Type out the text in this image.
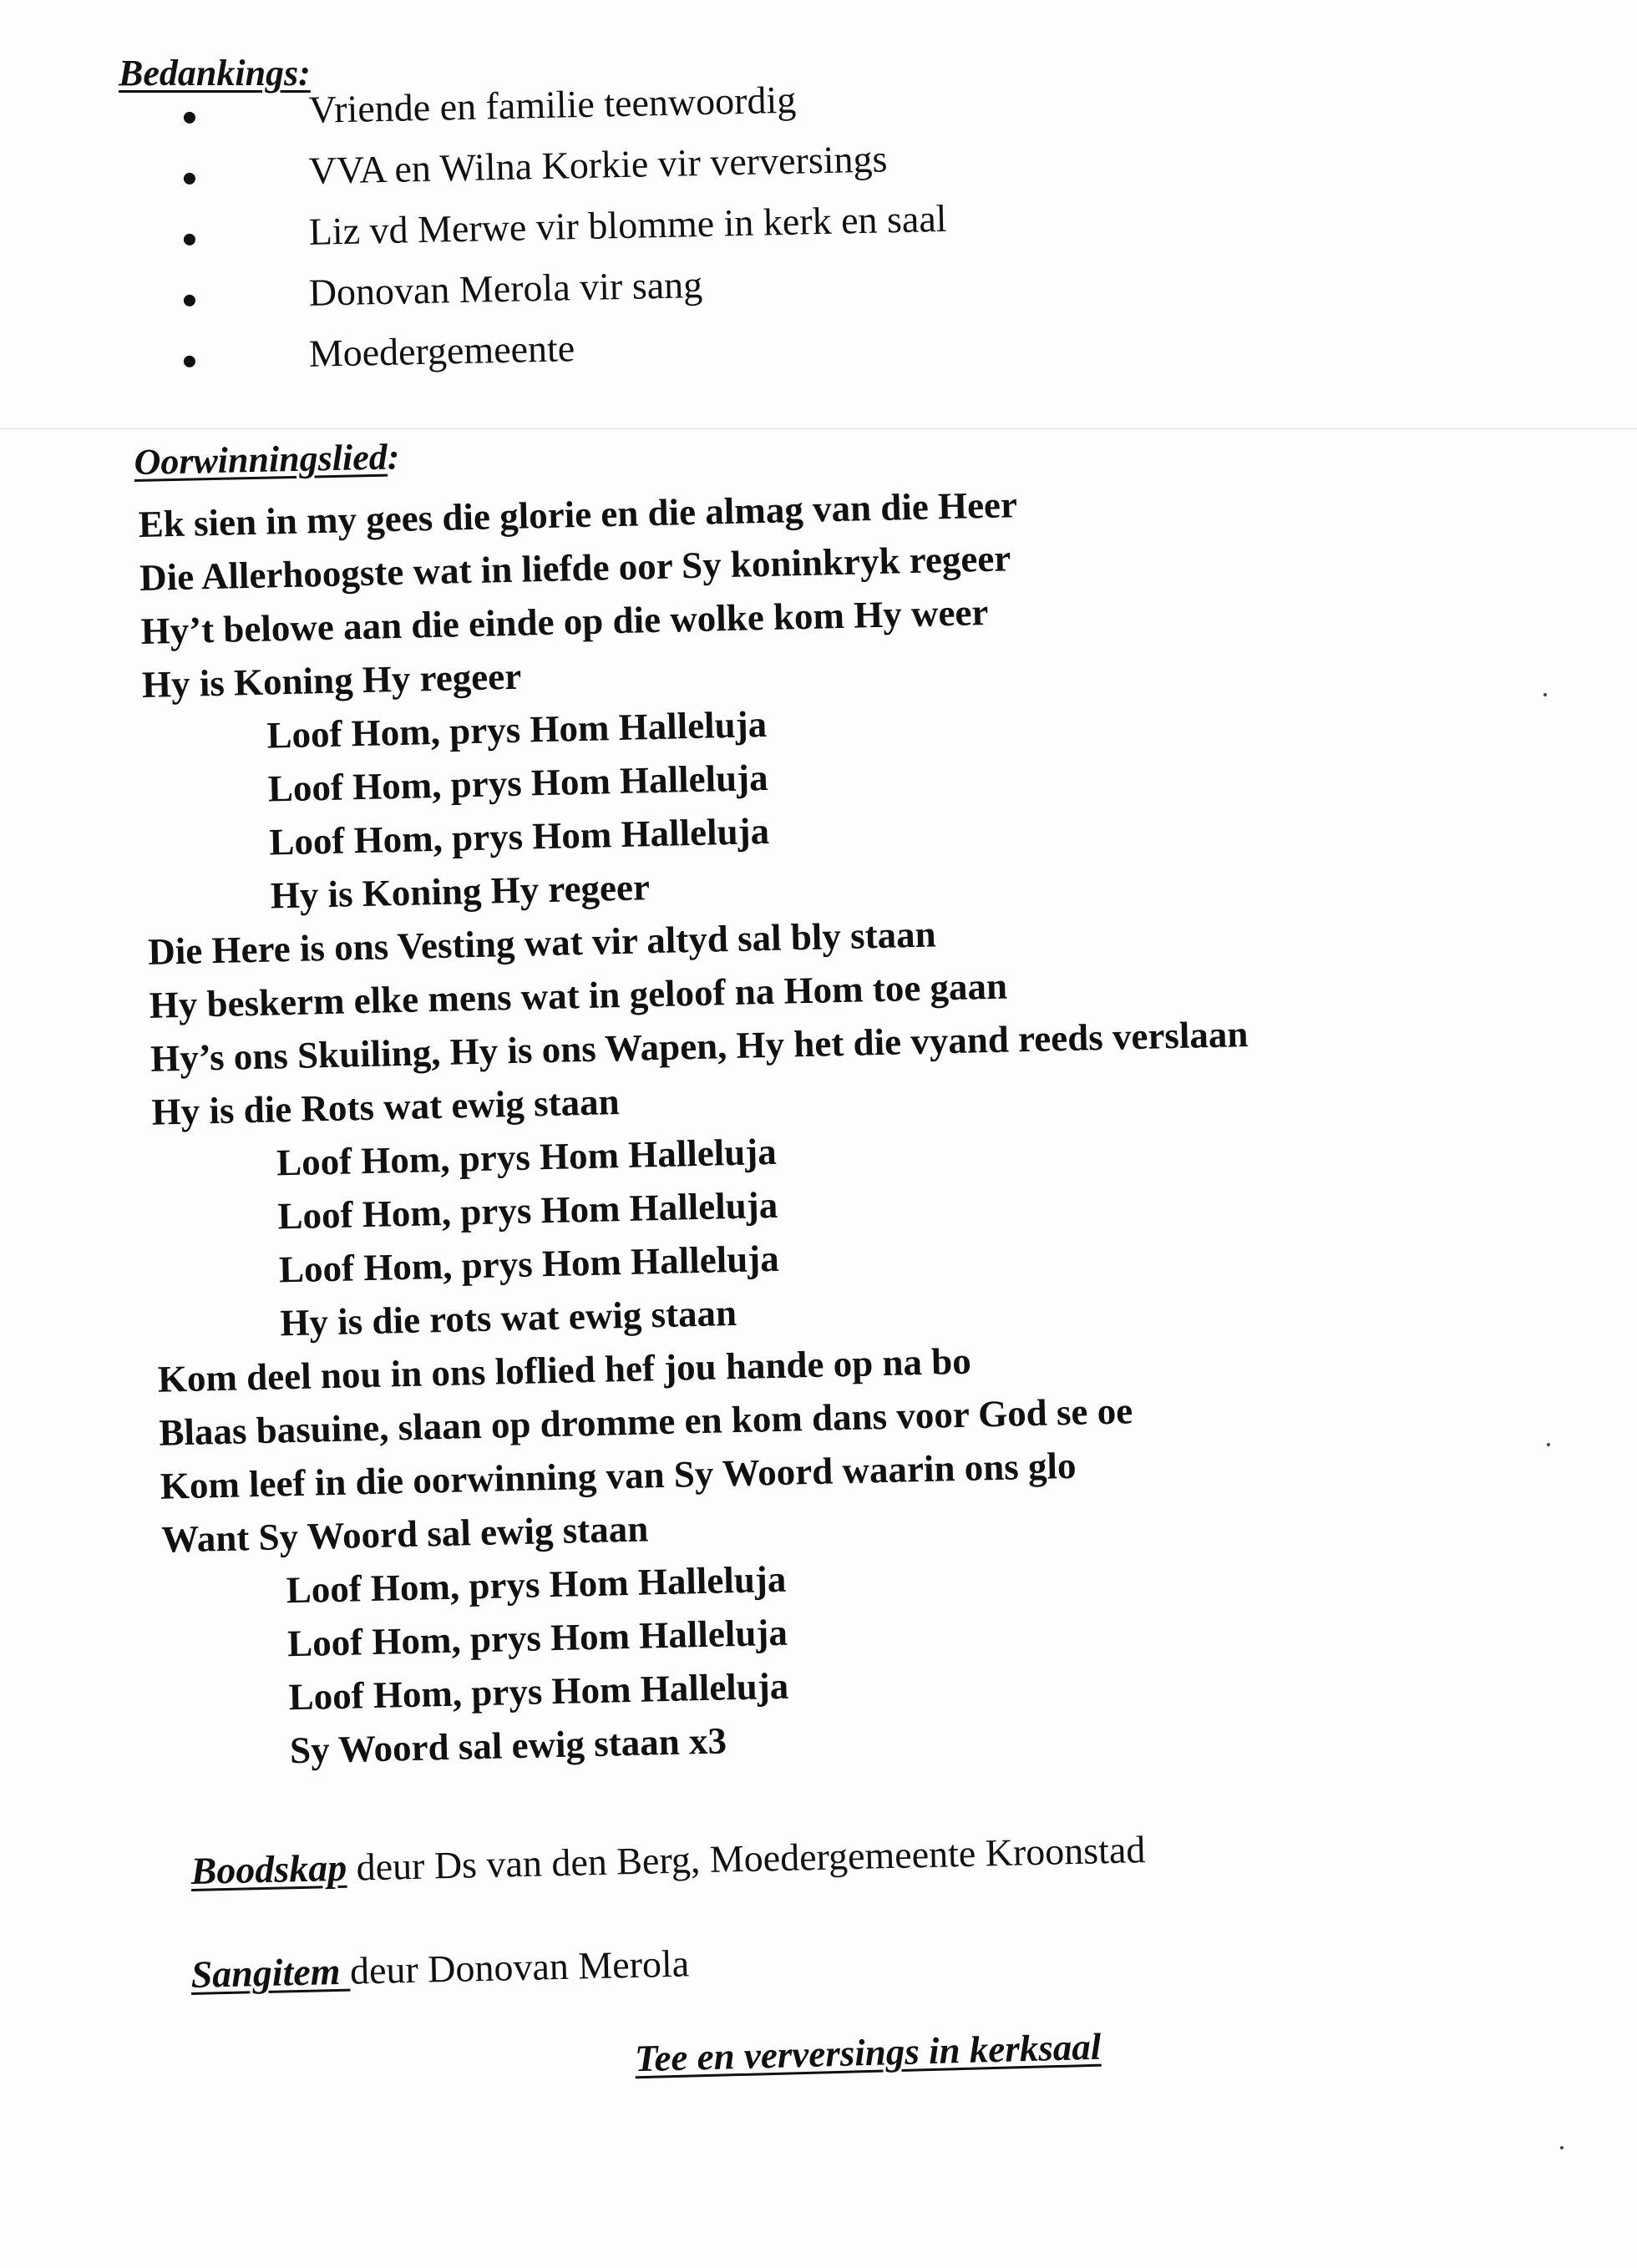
Bedankings:
Vriende en familie teenwoordig
VVA en Wilna Korkie vir verversings
Liz vd Merwe vir blomme in kerk en saal
Donovan Merola vir sang
Moedergemeente
Oorwinningslied:
Ek sien in my gees die glorie en die almag van die Heer
Die Allerhoogste wat in liefde oor Sy koninkryk regeer
Hy’t belowe aan die einde op die wolke kom Hy weer
Hy is Koning Hy regeer
Loof Hom, prys Hom Halleluja
Loof Hom, prys Hom Halleluja
Loof Hom, prys Hom Halleluja
Hy is Koning Hy regeer
Die Here is ons Vesting wat vir altyd sal bly staan
Hy beskerm elke mens wat in geloof na Hom toe gaan
Hy’s ons Skuiling, Hy is ons Wapen, Hy het die vyand reeds verslaan
Hy is die Rots wat ewig staan
Loof Hom, prys Hom Halleluja
Loof Hom, prys Hom Halleluja
Loof Hom, prys Hom Halleluja
Hy is die rots wat ewig staan
Kom deel nou in ons loflied hef jou hande op na bo
Blaas basuine, slaan op dromme en kom dans voor God se oe
Kom leef in die oorwinning van Sy Woord waarin ons glo
Want Sy Woord sal ewig staan
Loof Hom, prys Hom Halleluja
Loof Hom, prys Hom Halleluja
Loof Hom, prys Hom Halleluja
Sy Woord sal ewig staan x3
Boodskap deur Ds van den Berg, Moedergemeente Kroonstad
Sangitem deur Donovan Merola
Tee en verversings in kerksaal
